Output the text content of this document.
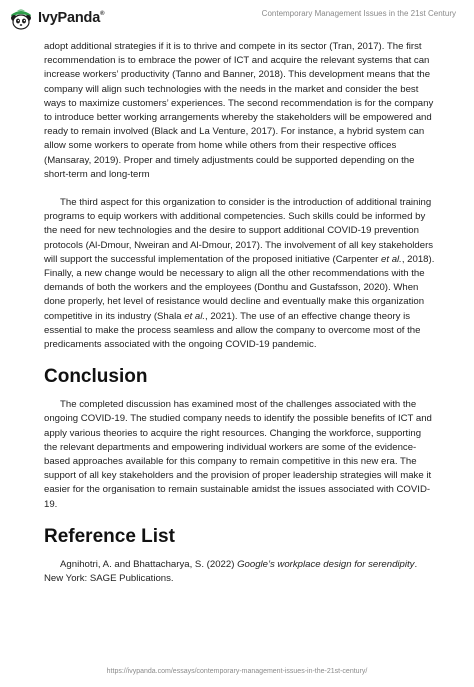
IvyPanda®	Contemporary Management Issues in the 21st Century

adopt additional strategies if it is to thrive and compete in its sector (Tran, 2017). The first recommendation is to embrace the power of ICT and acquire the relevant systems that can increase workers’ productivity (Tanno and Banner, 2018). This development means that the company will align such technologies with the needs in the market and consider the best ways to maximize customers’ experiences. The second recommendation is for the company to introduce better working arrangements whereby the stakeholders will be empowered and ready to remain involved (Black and La Venture, 2017). For instance, a hybrid system can allow some workers to operate from home while others from their respective offices (Mansaray, 2019). Proper and timely adjustments could be supported depending on the short-term and long-term

The third aspect for this organization to consider is the introduction of additional training programs to equip workers with additional competencies. Such skills could be informed by the need for new technologies and the desire to support additional COVID-19 prevention protocols (Al-Dmour, Nweiran and Al-Dmour, 2017). The involvement of all key stakeholders will support the successful implementation of the proposed initiative (Carpenter et al., 2018). Finally, a new change would be necessary to align all the other recommendations with the demands of both the workers and the employees (Donthu and Gustafsson, 2020). When done properly, het level of resistance would decline and eventually make this organization competitive in its industry (Shala et al., 2021). The use of an effective change theory is essential to make the process seamless and allow the company to overcome most of the predicaments associated with the ongoing COVID-19 pandemic.

Conclusion

The completed discussion has examined most of the challenges associated with the ongoing COVID-19. The studied company needs to identify the possible benefits of ICT and apply various theories to acquire the right resources. Changing the workforce, supporting the relevant departments and empowering individual workers are some of the evidence-based approaches available for this company to remain competitive in this new era. The support of all key stakeholders and the provision of proper leadership strategies will make it easier for the organisation to remain sustainable amidst the issues associated with COVID-19.

Reference List

Agnihotri, A. and Bhattacharya, S. (2022) Google’s workplace design for serendipity. New York: SAGE Publications.

https://ivypanda.com/essays/contemporary-management-issues-in-the-21st-century/
